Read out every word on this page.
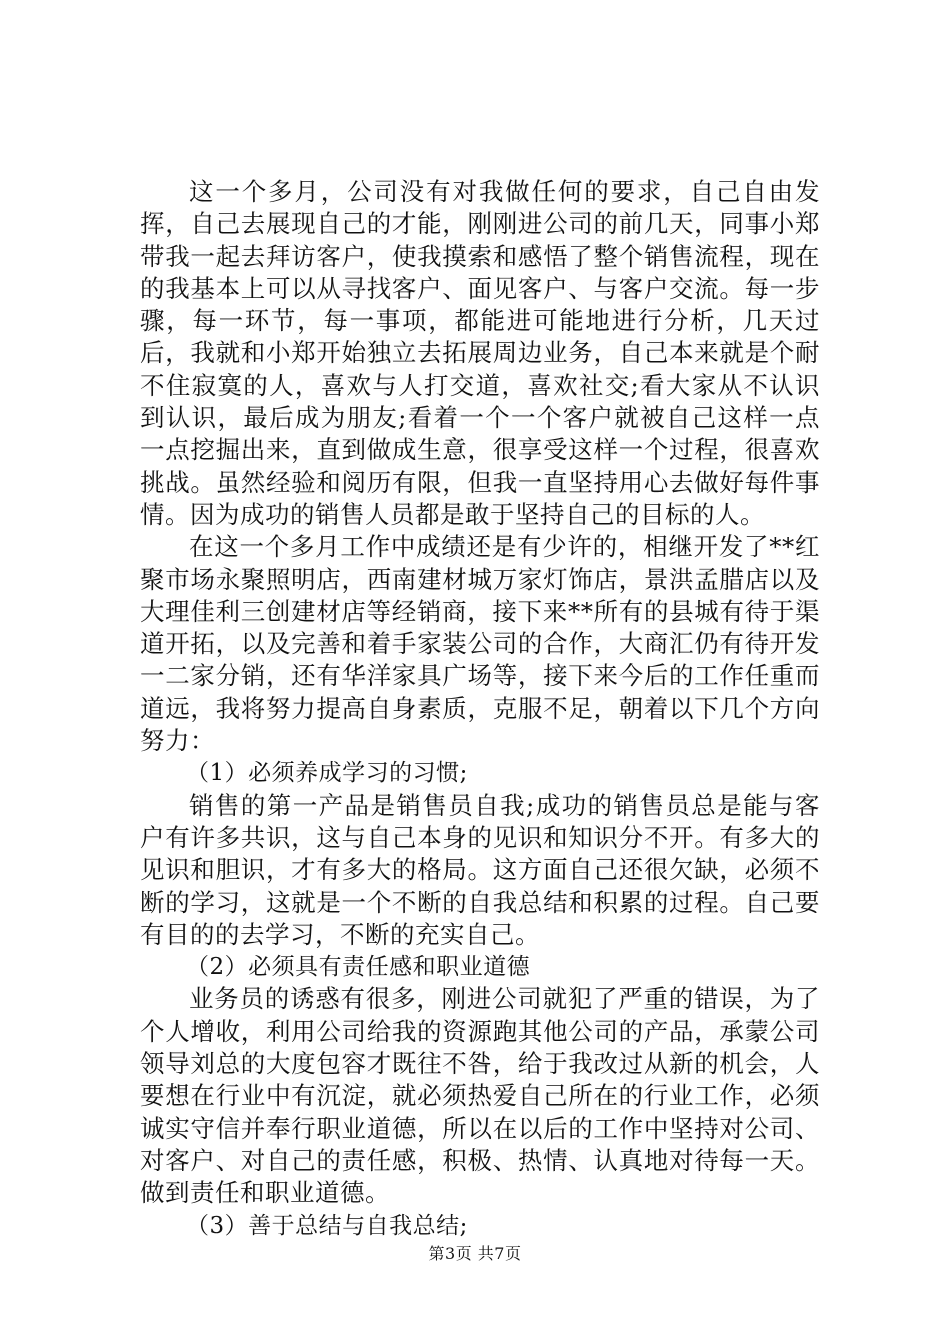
这一个多月，公司没有对我做任何的要求，自己自由发挥，自己去展现自己的才能，刚刚进公司的前几天，同事小郑带我一起去拜访客户，使我摸索和感悟了整个销售流程，现在的我基本上可以从寻找客户、面见客户、与客户交流。每一步骤，每一环节，每一事项，都能进可能地进行分析，几天过后，我就和小郑开始独立去拓展周边业务，自己本来就是个耐不住寂寞的人，喜欢与人打交道，喜欢社交;看大家从不认识到认识，最后成为朋友;看着一个一个客户就被自己这样一点一点挖掘出来，直到做成生意，很享受这样一个过程，很喜欢挑战。虽然经验和阅历有限，但我一直坚持用心去做好每件事情。因为成功的销售人员都是敢于坚持自己的目标的人。

在这一个多月工作中成绩还是有少许的，相继开发了**红聚市场永聚照明店，西南建材城万家灯饰店，景洪孟腊店以及大理佳利三创建材店等经销商，接下来**所有的县城有待于渠道开拓，以及完善和着手家装公司的合作，大商汇仍有待开发一二家分销，还有华洋家具广场等，接下来今后的工作任重而道远，我将努力提高自身素质，克服不足，朝着以下几个方向努力：

（1）必须养成学习的习惯;

销售的第一产品是销售员自我;成功的销售员总是能与客户有许多共识，这与自己本身的见识和知识分不开。有多大的见识和胆识，才有多大的格局。这方面自己还很欠缺，必须不断的学习，这就是一个不断的自我总结和积累的过程。自己要有目的的去学习，不断的充实自己。

（2）必须具有责任感和职业道德

业务员的诱惑有很多，刚进公司就犯了严重的错误，为了个人增收，利用公司给我的资源跑其他公司的产品，承蒙公司领导刘总的大度包容才既往不咎，给于我改过从新的机会，人要想在行业中有沉淀，就必须热爱自己所在的行业工作，必须诚实守信并奉行职业道德，所以在以后的工作中坚持对公司、对客户、对自己的责任感，积极、热情、认真地对待每一天。做到责任和职业道德。

（3）善于总结与自我总结;

第3页 共7页
